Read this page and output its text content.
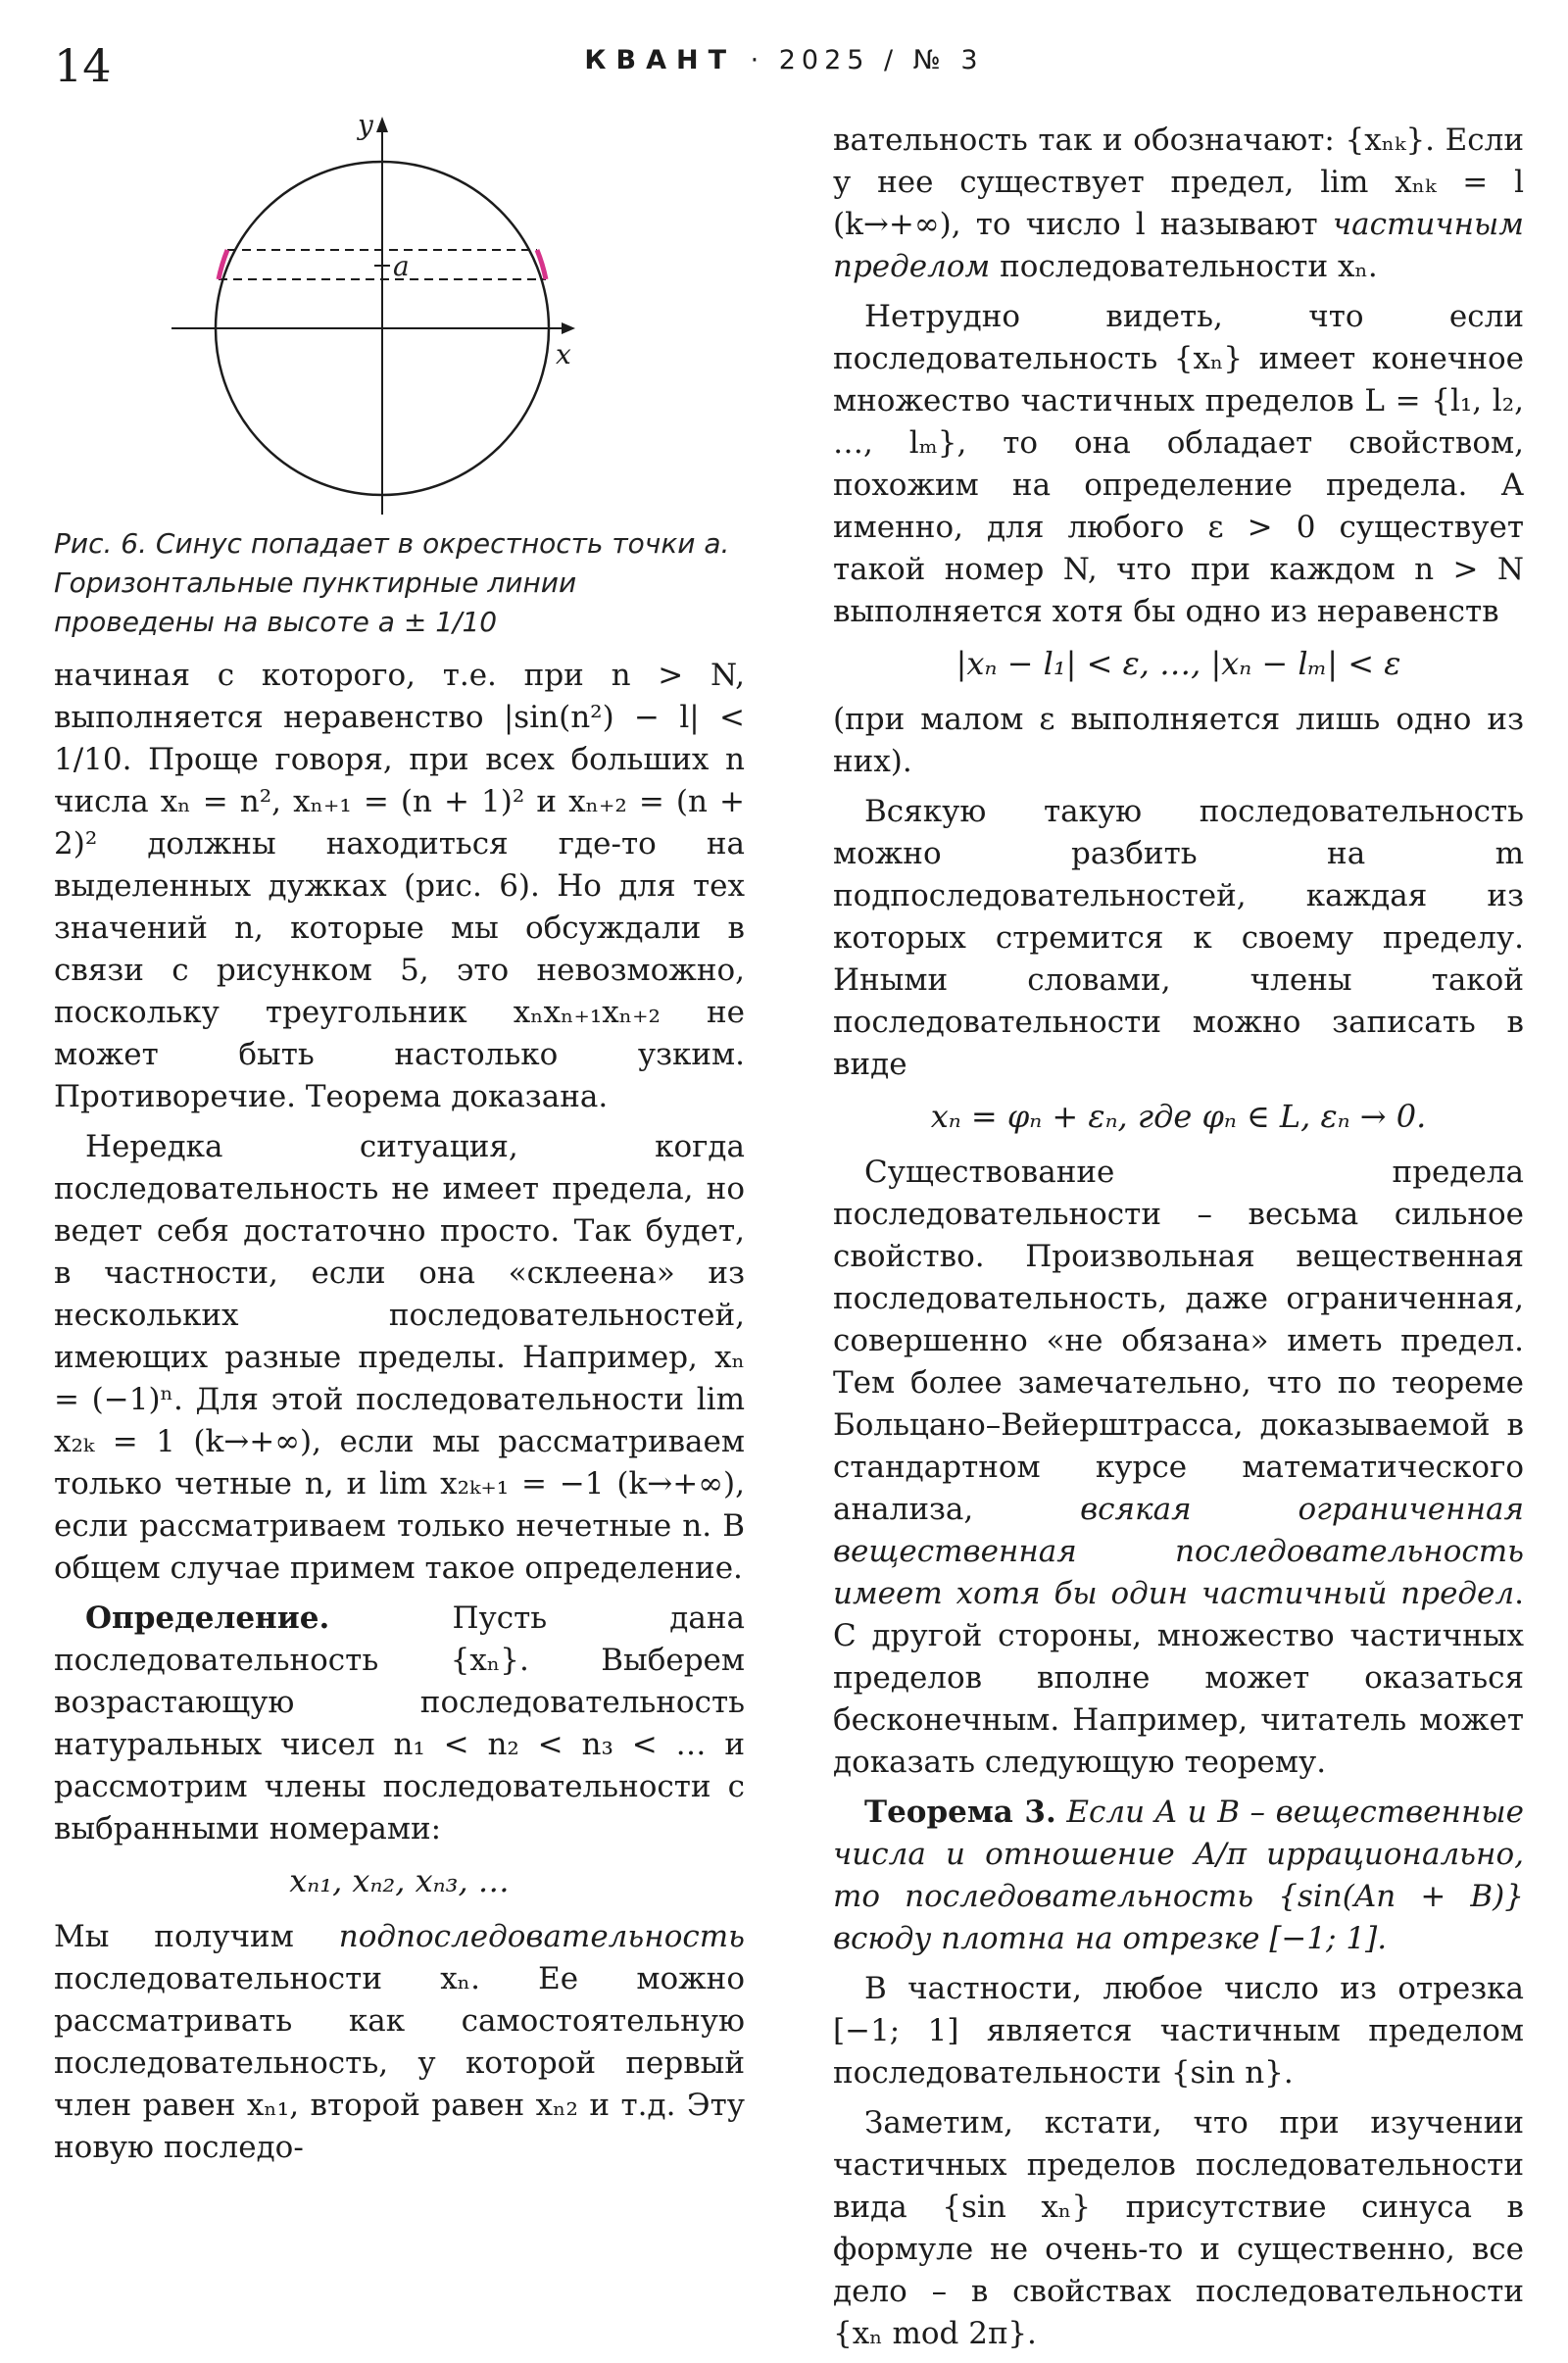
14	КВАНТ · 2025 / № 3
y
x
a
Рис. 6. Синус попадает в окрестность точки a. Горизонтальные пунктирные линии проведены на высоте a ± 1/10

начиная с которого, т.е. при n > N, выполняется неравенство |sin(n²) − l| < 1/10. Проще говоря, при всех больших n числа xₙ = n², xₙ₊₁ = (n + 1)² и xₙ₊₂ = (n + 2)² должны находиться где-то на выделенных дужках (рис. 6). Но для тех значений n, которые мы обсуждали в связи с рисунком 5, это невозможно, поскольку треугольник xₙxₙ₊₁xₙ₊₂ не может быть настолько узким. Противоречие. Теорема доказана.

Нередка ситуация, когда последовательность не имеет предела, но ведет себя достаточно просто. Так будет, в частности, если она «склеена» из нескольких последовательностей, имеющих разные пределы. Например, xₙ = (−1)ⁿ. Для этой последовательности lim x₂ₖ = 1 (k→+∞), если мы рассматриваем только четные n, и lim x₂ₖ₊₁ = −1 (k→+∞), если рассматриваем только нечетные n. В общем случае примем такое определение.

Определение.	Пусть дана последовательность {xₙ}. Выберем возрастающую последовательность натуральных чисел n₁ < n₂ < n₃ < … и рассмотрим члены последовательности с выбранными номерами:

xₙ₁, xₙ₂, xₙ₃, …

Мы получим подпоследовательность последовательности xₙ. Ее можно рассматривать как самостоятельную последовательность, у которой первый член равен xₙ₁, второй равен xₙ₂ и т.д. Эту новую последо-

вательность так и обозначают: {xₙₖ}. Если у нее существует предел, lim xₙₖ = l (k→+∞), то число l называют частичным пределом последовательности xₙ.

Нетрудно видеть, что если последовательность {xₙ} имеет конечное множество частичных пределов L = {l₁, l₂, …, lₘ}, то она обладает свойством, похожим на определение предела. А именно, для любого ε > 0 существует такой номер N, что при каждом n > N выполняется хотя бы одно из неравенств

|xₙ − l₁| < ε, …, |xₙ − lₘ| < ε

(при малом ε выполняется лишь одно из них).

Всякую такую последовательность можно разбить на m подпоследовательностей, каждая из которых стремится к своему пределу. Иными словами, члены такой последовательности можно записать в виде

xₙ = φₙ + εₙ, где φₙ ∈ L, εₙ → 0.

Существование предела последовательности – весьма сильное свойство. Произвольная вещественная последовательность, даже ограниченная, совершенно «не обязана» иметь предел. Тем более замечательно, что по теореме Больцано–Вейерштрасса, доказываемой в стандартном курсе математического анализа,	всякая ограниченная вещественная последовательность имеет хотя бы один частичный предел. С другой стороны, множество частичных пределов вполне может оказаться бесконечным. Например, читатель может доказать следующую теорему.

Теорема 3. Если A и B – вещественные числа и отношение A/π иррационально, то последовательность {sin(An + B)} всюду плотна на отрезке [−1; 1].

В частности, любое число из отрезка [−1; 1] является частичным пределом последовательности {sin n}.

Заметим, кстати, что при изучении частичных пределов последовательности вида {sin xₙ} присутствие синуса в формуле не очень-то и существенно, все дело – в свойствах последовательности {xₙ mod 2π}.
